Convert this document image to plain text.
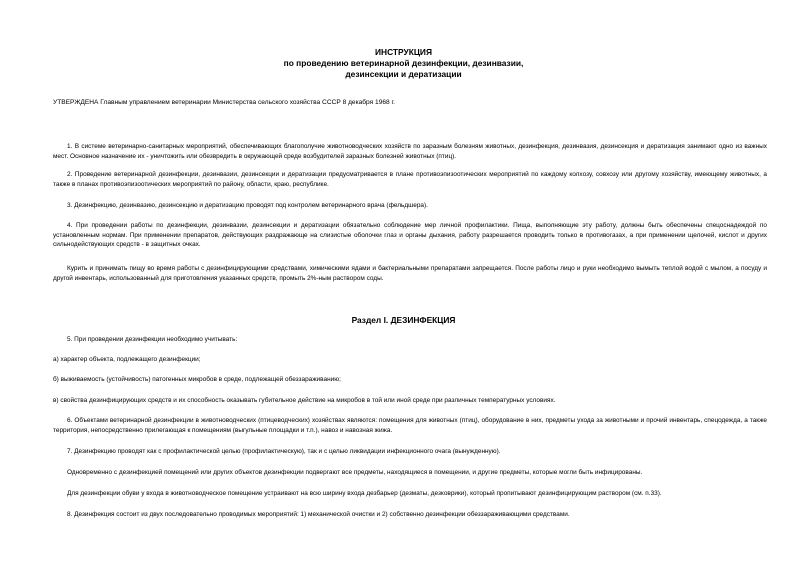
ИНСТРУКЦИЯ
по проведению ветеринарной дезинфекции, дезинвазии,
дезинсекции и дератизации
УТВЕРЖДЕНА Главным управлением ветеринарии Министерства сельского хозяйства СССР 8 декабря 1968 г.
1. В системе ветеринарно-санитарных мероприятий, обеспечивающих благополучие животноводческих хозяйств по заразным болезням животных, дезинфекция, дезинвазия, дезинсекция и дератизация занимают одно из важных мест. Основное назначение их - уничтожить или обезвредить в окружающей среде возбудителей заразных болезней животных (птиц).
2. Проведение ветеринарной дезинфекции, дезинвазии, дезинсекции и дератизации предусматривается в плане противоэпизоотических мероприятий по каждому колхозу, совхозу или другому хозяйству, имеющему животных, а также в планах противоэпизоотических мероприятий по району, области, краю, республике.
3. Дезинфекцию, дезинвазию, дезинсекцию и дератизацию проводят под контролем ветеринарного врача (фельдшера).
4. При проведении работы по дезинфекции, дезинвазии, дезинсекции и дератизации обязательно соблюдение мер личной профилактики. Пища, выполняющие эту работу, должны быть обеспечены спецоснадеждой по установленным нормам. При применении препаратов, действующих раздражающе на слизистые оболочки глаз и органы дыхания, работу разрешается проводить только в противогазах, а при применении щелочей, кислот и других сильнодействующих средств - в защитных очках.
Курить и принимать пищу во время работы с дезинфицирующими средствами, химическими ядами и бактериальными препаратами запрещается. После работы лицо и руки необходимо вымыть теплой водой с мылом, а посуду и другой инвентарь, использованный для приготовления указанных средств, промыть 2%-ным раствором соды.
Раздел I. ДЕЗИНФЕКЦИЯ
5. При проведении дезинфекции необходимо учитывать:
а) характер объекта, подлежащего дезинфекции;
б) выживаемость (устойчивость) патогенных микробов в среде, подлежащей обеззараживанию;
в) свойства дезинфицирующих средств и их способность оказывать губительное действие на микробов в той или иной среде при различных температурных условиях.
6. Объектами ветеринарной дезинфекции в животноводческих (птицеводческих) хозяйствах являются: помещения для животных (птиц), оборудование в них, предметы ухода за животными и прочий инвентарь, спецодежда, а также территория, непосредственно прилегающая к помещениям (выгульные площадки и т.п.), навоз и навозная жижа.
7. Дезинфекцию проводят как с профилактической целью (профилактическую), так и с целью ликвидации инфекционного очага (вынужденную).
Одновременно с дезинфекцией помещений или других объектов дезинфекции подвергают все предметы, находящиеся в помещении, и другие предметы, которые могли быть инфицированы.
Для дезинфекции обуви у входа в животноводческое помещение устраивают на всю ширину входа дезбарьер (дезматы, дезковрики), который пропитывают дезинфицирующим раствором (см. п.33).
8. Дезинфекция состоит из двух последовательно проводимых мероприятий: 1) механической очистки и 2) собственно дезинфекции обеззараживающими средствами.
